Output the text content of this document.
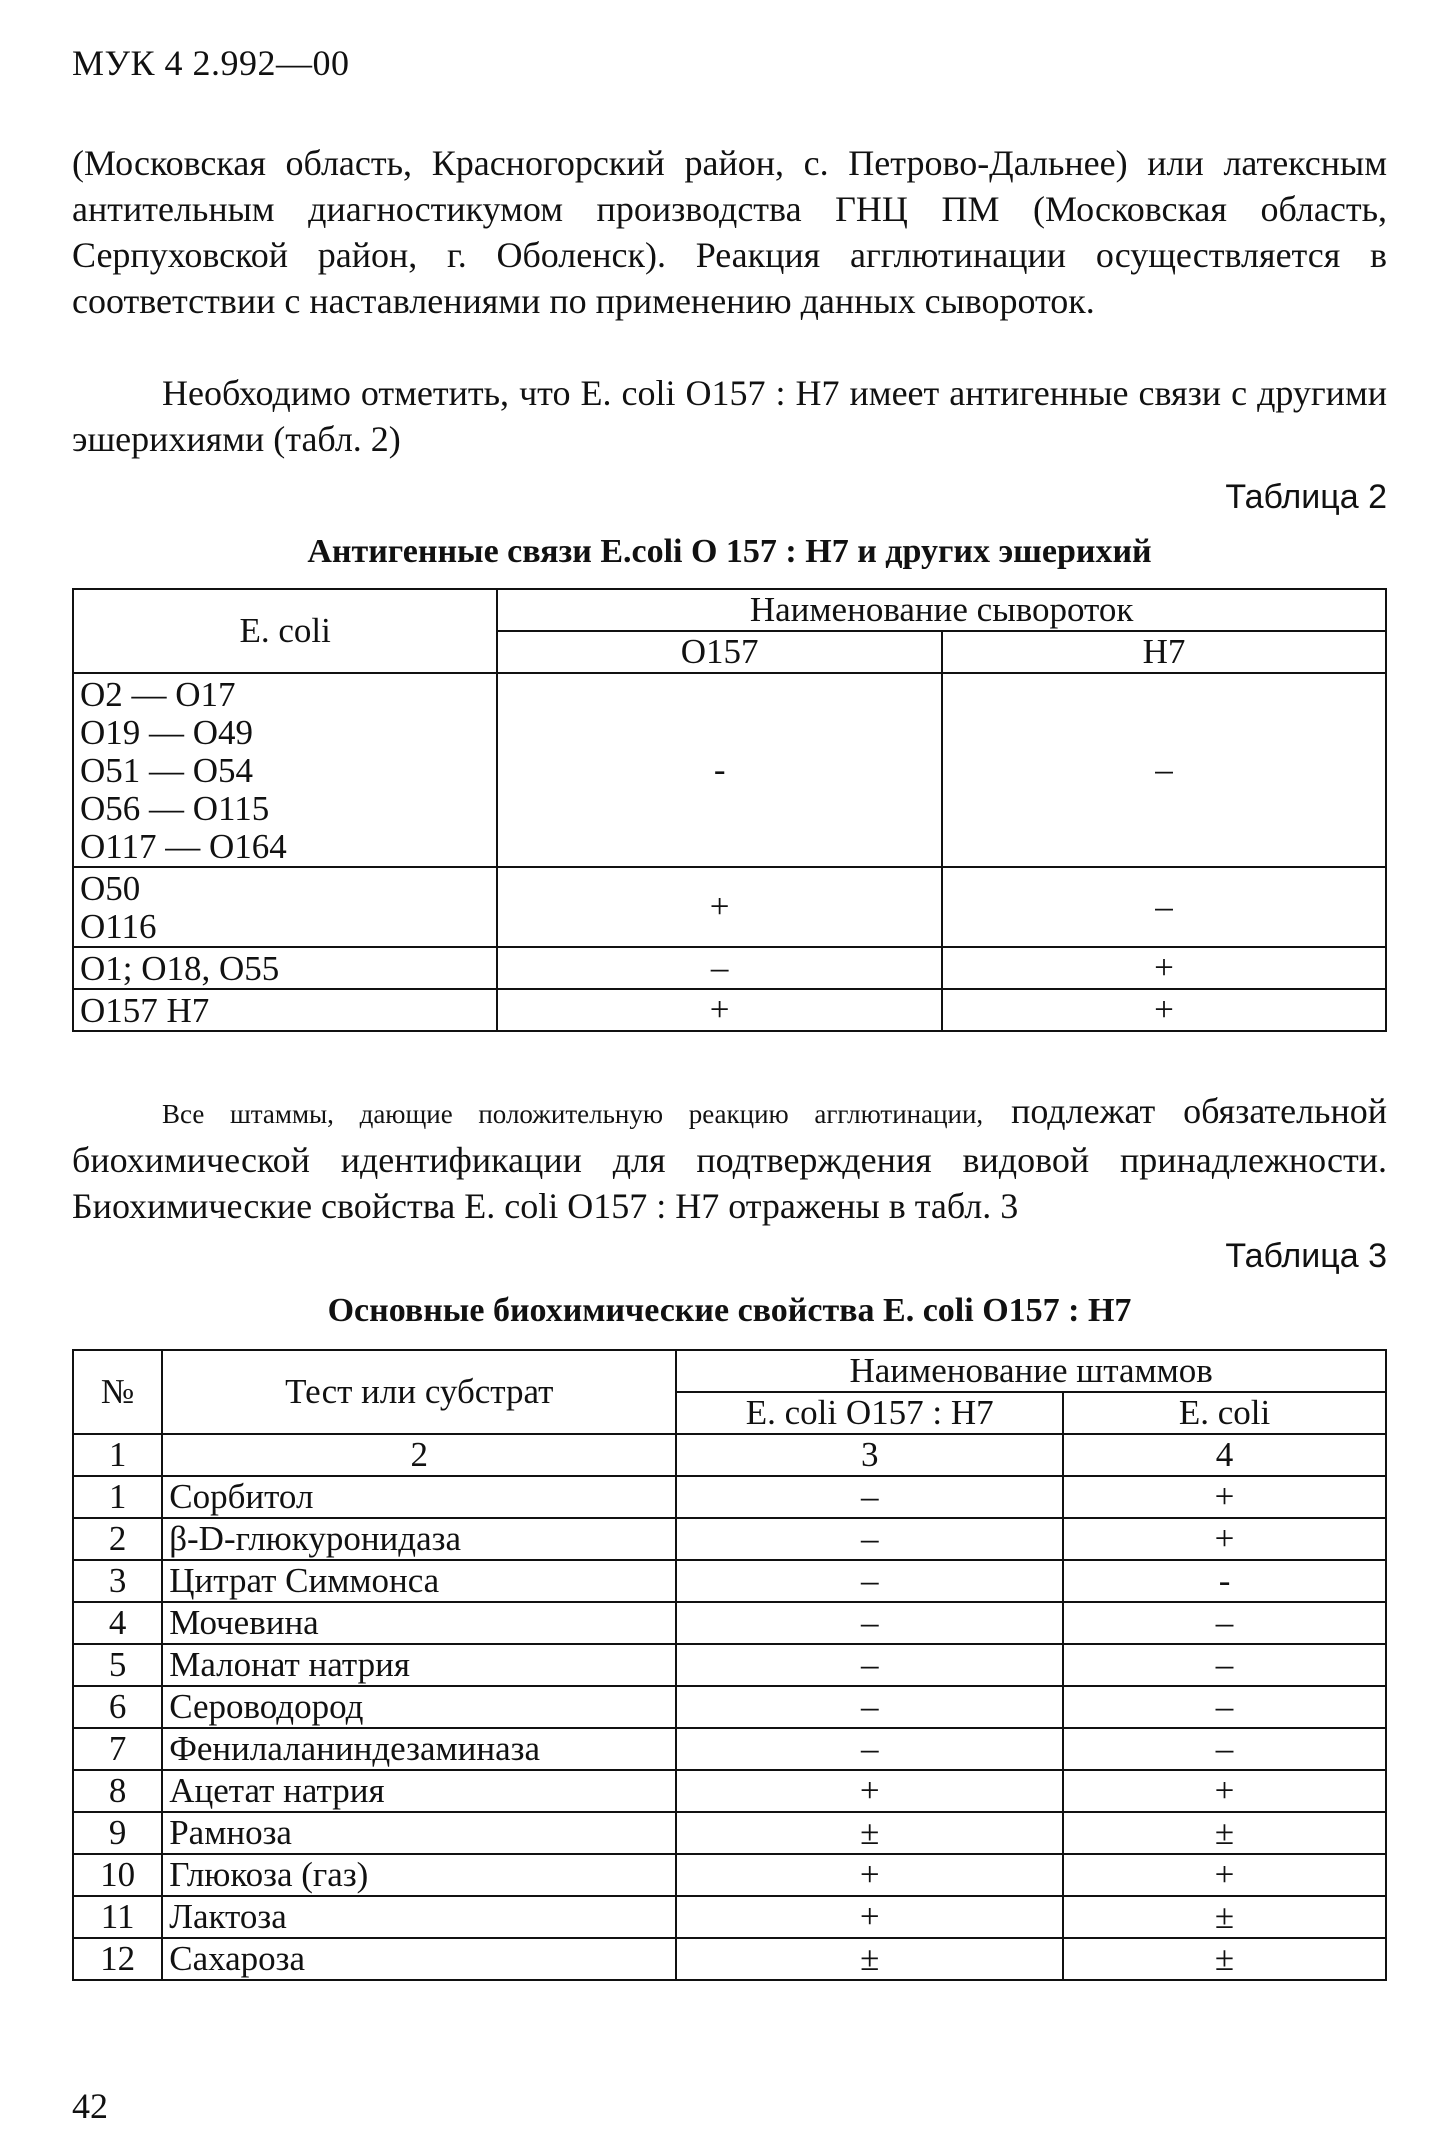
МУК 4 2.992—00
(Московская область, Красногорский район, с. Петрово-Дальнее) или латексным антительным диагностикумом производства ГНЦ ПМ (Московская область, Серпуховской район, г. Оболенск). Реакция агглютинации осуществляется в соответствии с наставлениями по применению данных сывороток.
Необходимо отметить, что E. coli О157 : Н7 имеет антигенные связи с другими эшерихиями (табл. 2)
Таблица 2
Антигенные связи E.coli O 157 : H7 и других эшерихий
E. coli	Наименование сывороток	
	O157	H7

O2 — O17
O19 — O49
O51 — O54
O56 — O115
O117 — O164	-	–

O50
O116	+	–

O1; O18, O55	–	+

O157 H7	+	+
Все штаммы, дающие положительную реакцию агглютинации, подлежат обязательной биохимической идентификации для подтверждения видовой принадлежности. Биохимические свойства E. coli O157 : H7 отражены в табл. 3
Таблица 3
Основные биохимические свойства E. coli O157 : H7
№	Тест или субстрат	Наименование штаммов	
		E. coli O157 : H7	E. coli
1	2	3	4
1	Сорбитол	–	+
2	β-D-глюкуронидаза	–	+
3	Цитрат Симмонса	–	-
4	Мочевина	–	–
5	Малонат натрия	–	–
6	Сероводород	–	–
7	Фенилаланиндезаминаза	–	–
8	Ацетат натрия	+	+
9	Рамноза	±	±
10	Глюкоза (газ)	+	+
11	Лактоза	+	±
12	Сахароза	±	±
42
